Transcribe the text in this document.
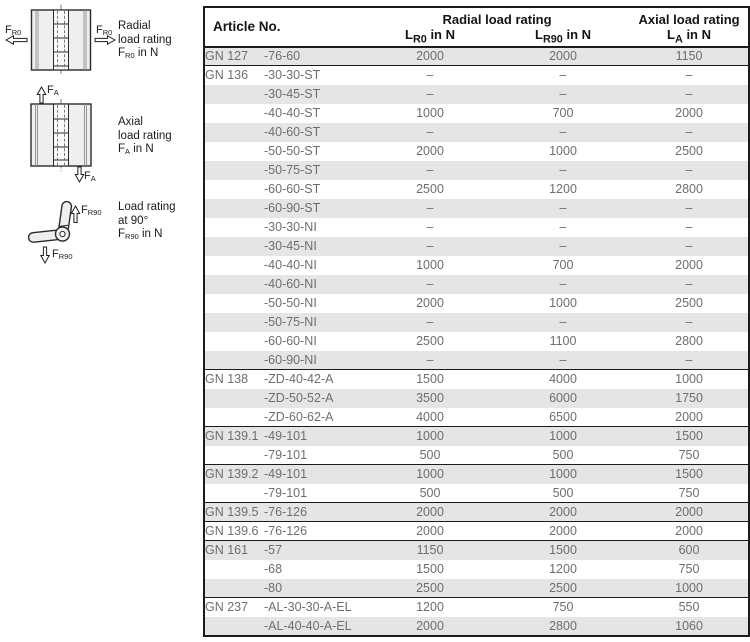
$F_{R0}$	$F_{R0}$
$F_A$
$F_A$
$F_{R90}$
$F_{R90}$
Radial
load rating
$F_{R0}$ in N
Axial
load rating
$F_A$ in N
Load rating
at 90°
$F_{R90}$ in N
Article No.		Radial load rating		Axial load rating
		$L_{R0}$ in N	$L_{R90}$ in N	$L_A$ in N
GN 127	-76-60	2000	2000	1150
GN 136	-30-30-ST	–	–	–
	-30-45-ST	–	–	–
	-40-40-ST	1000	700	2000
	-40-60-ST	–	–	–
	-50-50-ST	2000	1000	2500
	-50-75-ST	–	–	–
	-60-60-ST	2500	1200	2800
	-60-90-ST	–	–	–
	-30-30-NI	–	–	–
	-30-45-NI	–	–	–
	-40-40-NI	1000	700	2000
	-40-60-NI	–	–	–
	-50-50-NI	2000	1000	2500
	-50-75-NI	–	–	–
	-60-60-NI	2500	1100	2800
	-60-90-NI	–	–	–
GN 138	-ZD-40-42-A	1500	4000	1000
	-ZD-50-52-A	3500	6000	1750
	-ZD-60-62-A	4000	6500	2000
GN 139.1	-49-101	1000	1000	1500
	-79-101	500	500	750
GN 139.2	-49-101	1000	1000	1500
	-79-101	500	500	750
GN 139.5	-76-126	2000	2000	2000
GN 139.6	-76-126	2000	2000	2000
GN 161	-57	1150	1500	600
	-68	1500	1200	750
	-80	2500	2500	1000
GN 237	-AL-30-30-A-EL	1200	750	550
	-AL-40-40-A-EL	2000	2800	1060
